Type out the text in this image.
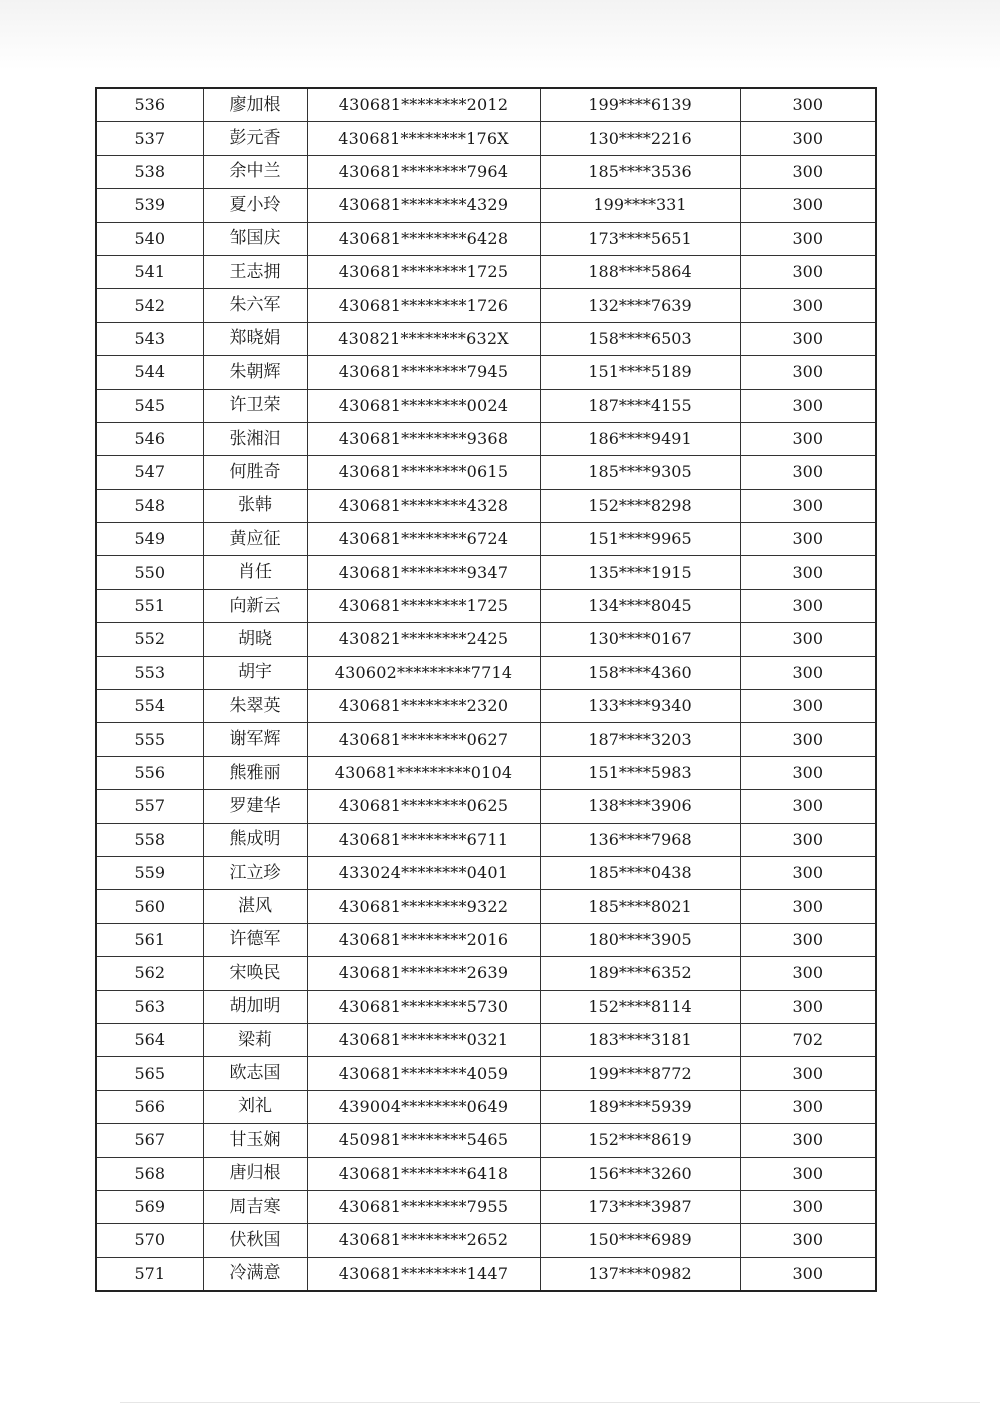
536	廖加根	430681********2012	199****6139	300
537	彭元香	430681********176X	130****2216	300
538	余中兰	430681********7964	185****3536	300
539	夏小玲	430681********4329	199****331	300
540	邹国庆	430681********6428	173****5651	300
541	王志拥	430681********1725	188****5864	300
542	朱六军	430681********1726	132****7639	300
543	郑晓娟	430821********632X	158****6503	300
544	朱朝辉	430681********7945	151****5189	300
545	许卫荣	430681********0024	187****4155	300
546	张湘汨	430681********9368	186****9491	300
547	何胜奇	430681********0615	185****9305	300
548	张韩	430681********4328	152****8298	300
549	黄应征	430681********6724	151****9965	300
550	肖任	430681********9347	135****1915	300
551	向新云	430681********1725	134****8045	300
552	胡晓	430821********2425	130****0167	300
553	胡宇	430602*********7714	158****4360	300
554	朱翠英	430681********2320	133****9340	300
555	谢军辉	430681********0627	187****3203	300
556	熊雅丽	430681*********0104	151****5983	300
557	罗建华	430681********0625	138****3906	300
558	熊成明	430681********6711	136****7968	300
559	江立珍	433024********0401	185****0438	300
560	湛风	430681********9322	185****8021	300
561	许德军	430681********2016	180****3905	300
562	宋唤民	430681********2639	189****6352	300
563	胡加明	430681********5730	152****8114	300
564	梁莉	430681********0321	183****3181	702
565	欧志国	430681********4059	199****8772	300
566	刘礼	439004********0649	189****5939	300
567	甘玉娴	450981********5465	152****8619	300
568	唐归根	430681********6418	156****3260	300
569	周吉寒	430681********7955	173****3987	300
570	伏秋国	430681********2652	150****6989	300
571	冷满意	430681********1447	137****0982	300
